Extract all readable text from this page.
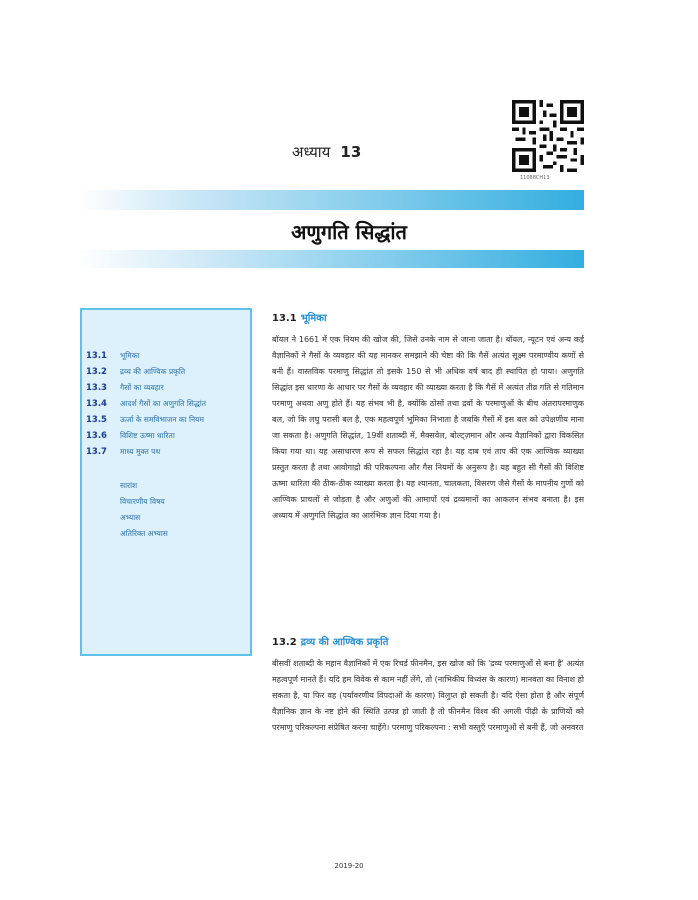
अध्याय 13
11088CH13
अणुगति सिद्धांत
13.1	भूमिका
13.2	द्रव्य की आण्विक प्रकृति
13.3	गैसों का व्यवहार
13.4	आदर्श गैसों का अणुगति सिद्धांत
13.5	ऊर्जा के समविभाजन का नियम
13.6	विशिष्ट ऊष्मा धारिता
13.7	माध्य मुक्त पथ
सारांश
विचारणीय विषय
अभ्यास
अतिरिक्त अभ्यास
13.1 भूमिका

बॉयल ने 1661 में एक नियम की खोज की, जिसे उनके नाम से जाना जाता है। बॉयल, न्यूटन एवं अन्य कई वैज्ञानिकों ने गैसों के व्यवहार की यह मानकर समझाने की चेष्टा की कि गैसें अत्यंत सूक्ष्म परमाण्वीय कणों से बनी हैं। वास्तविक परमाणु सिद्धांत तो इसके 150 से भी अधिक वर्ष बाद ही स्थापित हो पाया। अणुगति सिद्धांत इस धारणा के आधार पर गैसों के व्यवहार की व्याख्या करता है कि गैसें में अत्यंत तीव्र गति से गतिमान परमाणु अथवा अणु होते हैं। यह संभव भी है, क्योंकि ठोसों तथा द्रवों के परमाणुओं के बीच अंतरापरमाणुक बल, जो कि लघु परासी बल है, एक महत्वपूर्ण भूमिका निभाता है जबकि गैसों में इस बल को उपेक्षणीय माना जा सकता है। अणुगति सिद्धांत, 19वीं शताब्दी में, मैक्सवेल, बोल्ट्ज़मान और अन्य वैज्ञानिकों द्वारा विकसित किया गया था। यह असाधारण रूप से सफल सिद्धांत रहा है। यह दाब एवं ताप की एक आण्विक व्याख्या प्रस्तुत करता है तथा आवोगाद्रो की परिकल्पना और गैस नियमों के अनुरूप है। यह बहुत सी गैसों की विशिष्ट ऊष्मा धारिता की ठीक-ठीक व्याख्या करता है। यह श्यानता, चालकता, विसरण जैसे गैसों के मापनीय गुणों को आण्विक प्राचलों से जोड़ता है और अणुओं की आमापों एवं द्रव्यमानों का आकलन संभव बनाता है। इस अध्याय में अणुगति सिद्धांत का आरंभिक ज्ञान दिया गया है।

13.2 द्रव्य की आण्विक प्रकृति

बीसवीं शताब्दी के महान वैज्ञानिकों में एक रिचर्ड फीनमैन, इस खोज को कि 'द्रव्य परमाणुओं से बना है' अत्यंत महत्वपूर्ण मानते हैं। यदि हम विवेक से काम नहीं लेंगे, तो (नाभिकीय विध्वंस के कारण) मानवता का विनाश हो सकता है, या फिर वह (पर्यावरणीय विपदाओं के कारण) विलुप्त हो सकती है। यदि ऐसा होता है और संपूर्ण वैज्ञानिक ज्ञान के नष्ट होने की स्थिति उत्पन्न हो जाती है तो फीनमैन विश्व की अगली पीढ़ी के प्राणियों को परमाणु परिकल्पना संप्रेषित करना चाहेंगे। परमाणु परिकल्पना : सभी वस्तुएँ परमाणुओं से बनी हैं, जो अनवरत

2019-20
